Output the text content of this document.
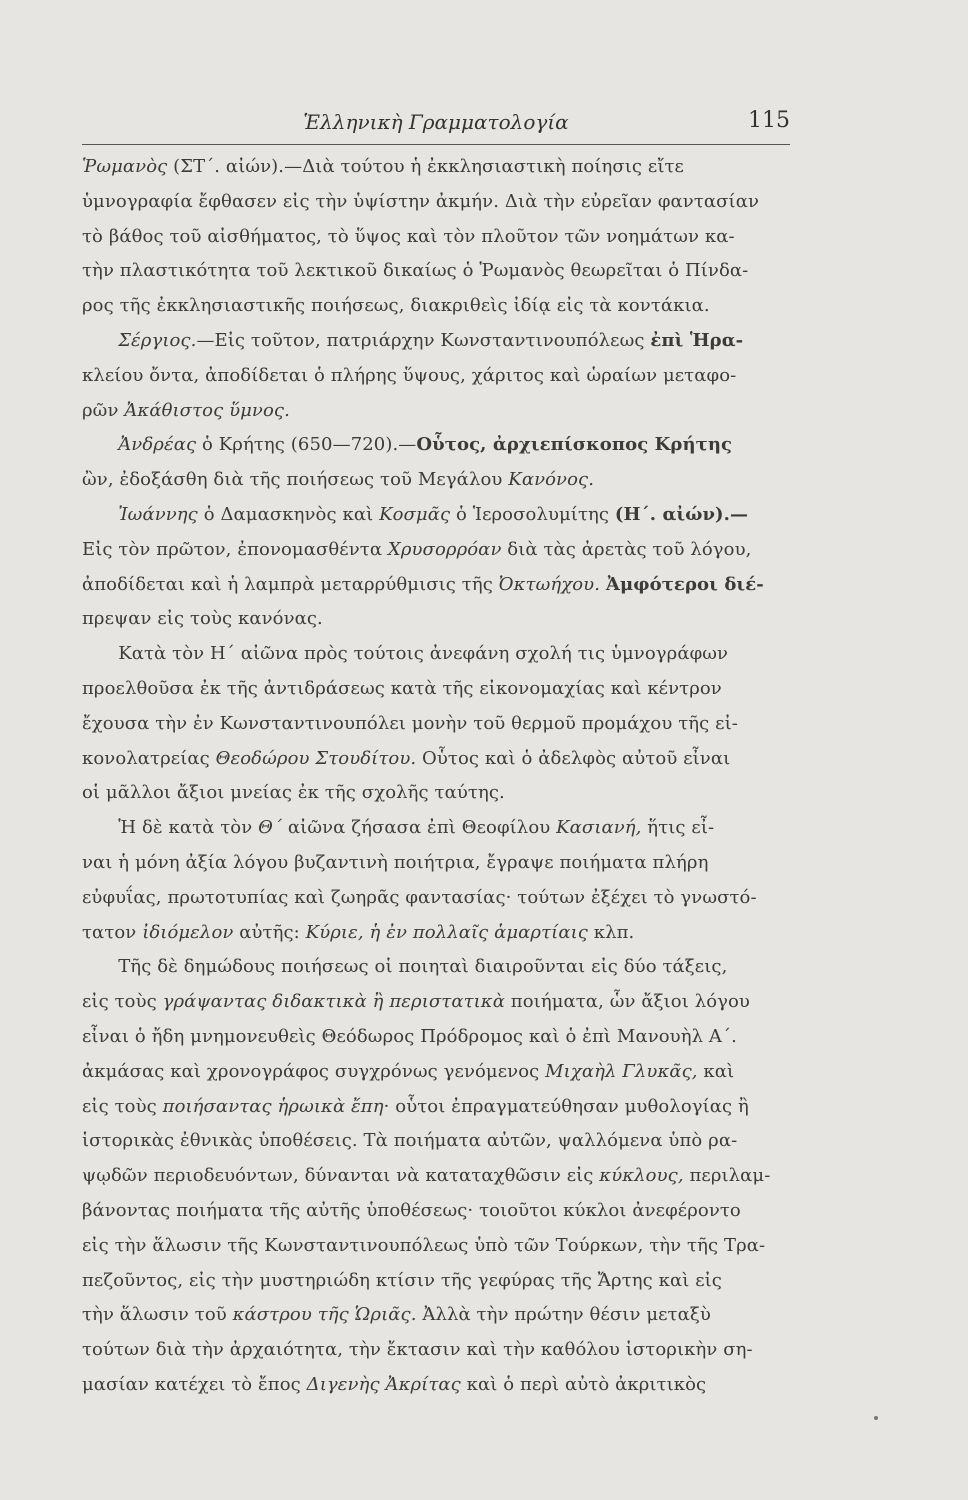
Ἑλληνικὴ Γραμματολογία	115
Ῥωμανὸς (ΣΤ΄. αἰών).—Διὰ τούτου ἡ ἐκκλησιαστικὴ ποίησις εἴτε
ὑμνογραφία ἔφθασεν εἰς τὴν ὑψίστην ἀκμήν. Διὰ τὴν εὐρεῖαν φαντασίαν
τὸ βάθος τοῦ αἰσθήματος, τὸ ὕψος καὶ τὸν πλοῦτον τῶν νοημάτων κα-
τὴν πλαστικότητα τοῦ λεκτικοῦ δικαίως ὁ Ῥωμανὸς θεωρεῖται ὁ Πίνδα-
ρος τῆς ἐκκλησιαστικῆς ποιήσεως, διακριθεὶς ἰδίᾳ εἰς τὰ κοντάκια.
  Σέργιος.—Εἰς τοῦτον, πατριάρχην Κωνσταντινουπόλεως ἐπὶ Ἡρα-
κλείου ὄντα, ἀποδίδεται ὁ πλήρης ὕψους, χάριτος καὶ ὡραίων μεταφο-
ρῶν Ἀκάθιστος ὕμνος.
  Ἀνδρέας ὁ Κρήτης (650—720).—Οὗτος, ἀρχιεπίσκοπος Κρήτης
ὢν, ἐδοξάσθη διὰ τῆς ποιήσεως τοῦ Μεγάλου Κανόνος.
  Ἰωάννης ὁ Δαμασκηνὸς καὶ Κοσμᾶς ὁ Ἱεροσολυμίτης (Η΄. αἰών).—
Εἰς τὸν πρῶτον, ἐπονομασθέντα Χρυσορρόαν διὰ τὰς ἀρετὰς τοῦ λόγου,
ἀποδίδεται καὶ ἡ λαμπρὰ μεταρρύθμισις τῆς Ὀκτωήχου. Ἀμφότεροι διέ-
πρεψαν εἰς τοὺς κανόνας.
  Κατὰ τὸν Η΄ αἰῶνα πρὸς τούτοις ἀνεφάνη σχολή τις ὑμνογράφων
προελθοῦσα ἐκ τῆς ἀντιδράσεως κατὰ τῆς εἰκονομαχίας καὶ κέντρον
ἔχουσα τὴν ἐν Κωνσταντινουπόλει μονὴν τοῦ θερμοῦ προμάχου τῆς εἰ-
κονολατρείας Θεοδώρου Στουδίτου. Οὗτος καὶ ὁ ἀδελφὸς αὐτοῦ εἶναι
οἱ μᾶλλοι ἄξιοι μνείας ἐκ τῆς σχολῆς ταύτης.
  Ἡ δὲ κατὰ τὸν Θ΄ αἰῶνα ζήσασα ἐπὶ Θεοφίλου Κασιανή, ἥτις εἶ-
ναι ἡ μόνη ἀξία λόγου βυζαντινὴ ποιήτρια, ἔγραψε ποιήματα πλήρη
εὐφυΐας, πρωτοτυπίας καὶ ζωηρᾶς φαντασίας· τούτων ἐξέχει τὸ γνωστό-
τατον ἰδιόμελον αὐτῆς: Κύριε, ἡ ἐν πολλαῖς ἁμαρτίαις κλπ.
  Τῆς δὲ δημώδους ποιήσεως οἱ ποιηταὶ διαιροῦνται εἰς δύο τάξεις,
εἰς τοὺς γράψαντας διδακτικὰ ἢ περιστατικὰ ποιήματα, ὧν ἄξιοι λόγου
εἶναι ὁ ἤδη μνημονευθεὶς Θεόδωρος Πρόδρομος καὶ ὁ ἐπὶ Μανουὴλ Α΄.
ἀκμάσας καὶ χρονογράφος συγχρόνως γενόμενος Μιχαὴλ Γλυκᾶς, καὶ
εἰς τοὺς ποιήσαντας ἡρωικὰ ἔπη· οὗτοι ἐπραγματεύθησαν μυθολογίας ἢ
ἱστορικὰς ἐθνικὰς ὑποθέσεις. Τὰ ποιήματα αὐτῶν, ψαλλόμενα ὑπὸ ρα-
ψῳδῶν περιοδευόντων, δύνανται νὰ καταταχθῶσιν εἰς κύκλους, περιλαμ-
βάνοντας ποιήματα τῆς αὐτῆς ὑποθέσεως· τοιοῦτοι κύκλοι ἀνεφέροντο
εἰς τὴν ἅλωσιν τῆς Κωνσταντινουπόλεως ὑπὸ τῶν Τούρκων, τὴν τῆς Τρα-
πεζοῦντος, εἰς τὴν μυστηριώδη κτίσιν τῆς γεφύρας τῆς Ἄρτης καὶ εἰς
τὴν ἅλωσιν τοῦ κάστρου τῆς Ὡριᾶς. Ἀλλὰ τὴν πρώτην θέσιν μεταξὺ
τούτων διὰ τὴν ἀρχαιότητα, τὴν ἔκτασιν καὶ τὴν καθόλου ἱστορικὴν ση-
μασίαν κατέχει τὸ ἔπος Διγενὴς Ἀκρίτας καὶ ὁ περὶ αὐτὸ ἀκριτικὸς
